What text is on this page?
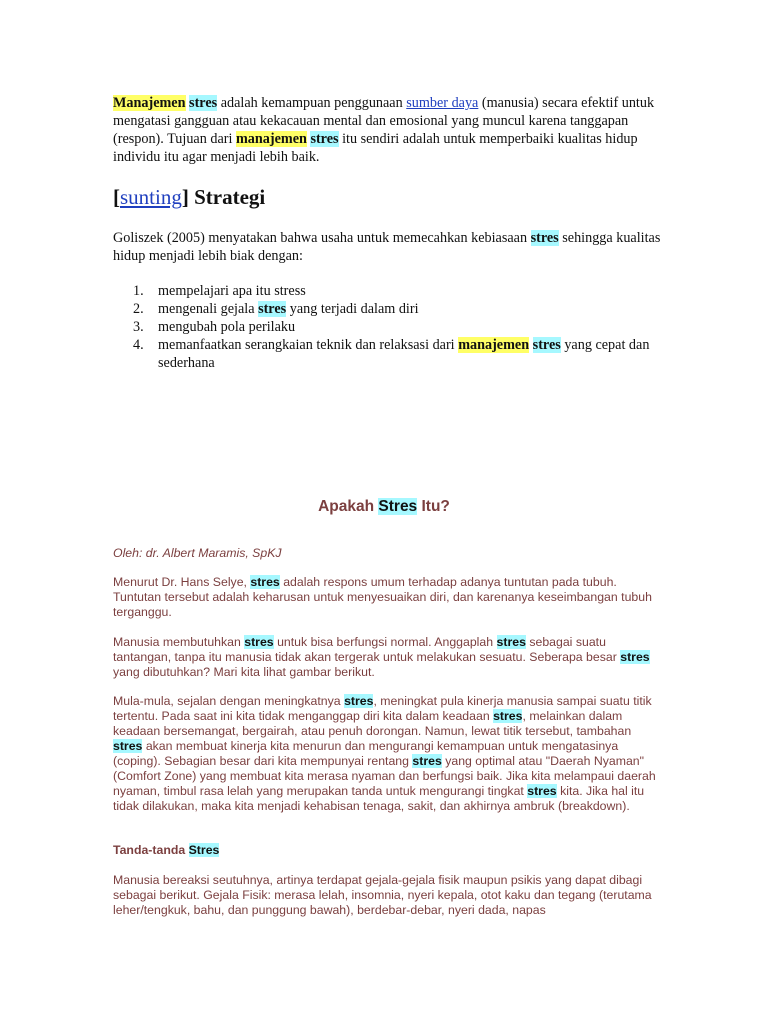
Manajemen stres adalah kemampuan penggunaan sumber daya (manusia) secara efektif untuk mengatasi gangguan atau kekacauan mental dan emosional yang muncul karena tanggapan (respon). Tujuan dari manajemen stres itu sendiri adalah untuk memperbaiki kualitas hidup individu itu agar menjadi lebih baik.

[sunting] Strategi

Goliszek (2005) menyatakan bahwa usaha untuk memecahkan kebiasaan stres sehingga kualitas hidup menjadi lebih biak dengan:

1. mempelajari apa itu stress
2. mengenali gejala stres yang terjadi dalam diri
3. mengubah pola perilaku
4. memanfaatkan serangkaian teknik dan relaksasi dari manajemen stres yang cepat dan sederhana
Apakah Stres Itu?
Oleh: dr. Albert Maramis, SpKJ

Menurut Dr. Hans Selye, stres adalah respons umum terhadap adanya tuntutan pada tubuh. Tuntutan tersebut adalah keharusan untuk menyesuaikan diri, dan karenanya keseimbangan tubuh terganggu.

Manusia membutuhkan stres untuk bisa berfungsi normal. Anggaplah stres sebagai suatu tantangan, tanpa itu manusia tidak akan tergerak untuk melakukan sesuatu. Seberapa besar stres yang dibutuhkan? Mari kita lihat gambar berikut.

Mula-mula, sejalan dengan meningkatnya stres, meningkat pula kinerja manusia sampai suatu titik tertentu. Pada saat ini kita tidak menganggap diri kita dalam keadaan stres, melainkan dalam keadaan bersemangat, bergairah, atau penuh dorongan. Namun, lewat titik tersebut, tambahan stres akan membuat kinerja kita menurun dan mengurangi kemampuan untuk mengatasinya (coping). Sebagian besar dari kita mempunyai rentang stres yang optimal atau "Daerah Nyaman" (Comfort Zone) yang membuat kita merasa nyaman dan berfungsi baik. Jika kita melampaui daerah nyaman, timbul rasa lelah yang merupakan tanda untuk mengurangi tingkat stres kita. Jika hal itu tidak dilakukan, maka kita menjadi kehabisan tenaga, sakit, dan akhirnya ambruk (breakdown).

Tanda-tanda Stres

Manusia bereaksi seutuhnya, artinya terdapat gejala-gejala fisik maupun psikis yang dapat dibagi sebagai berikut. Gejala Fisik: merasa lelah, insomnia, nyeri kepala, otot kaku dan tegang (terutama leher/tengkuk, bahu, dan punggung bawah), berdebar-debar, nyeri dada, napas
